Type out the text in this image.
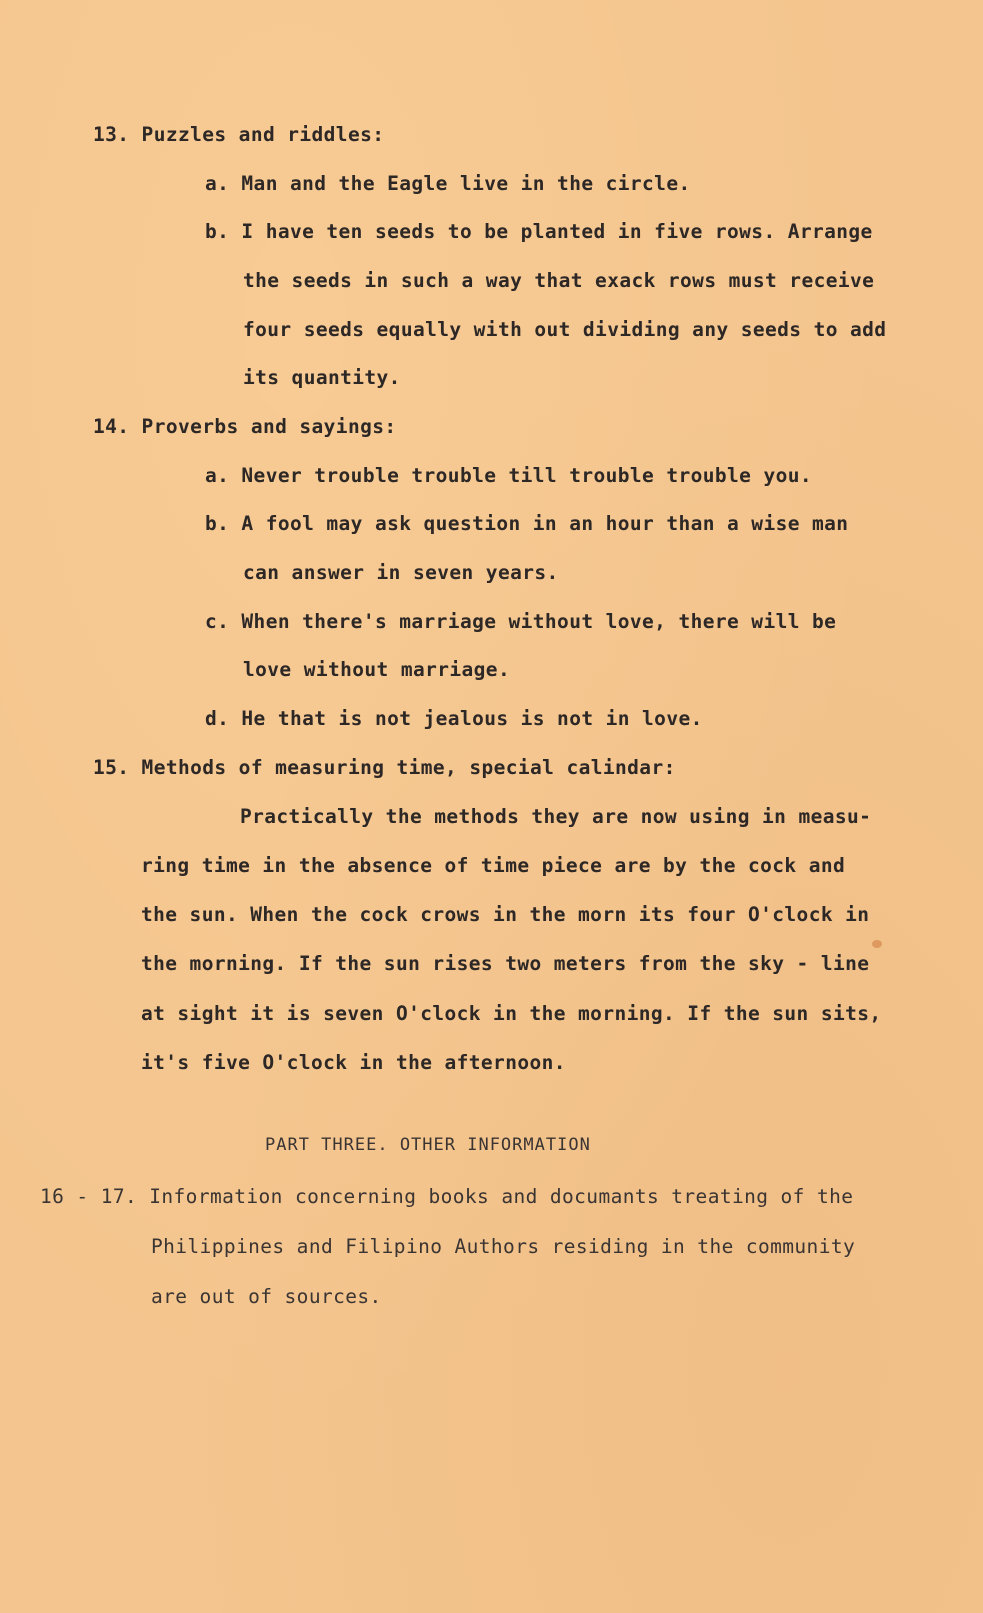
13. Puzzles and riddles:
a. Man and the Eagle live in the circle.
b. I have ten seeds to be planted in five rows. Arrange
the seeds in such a way that exack rows must receive
four seeds equally with out dividing any seeds to add
its quantity.
14. Proverbs and sayings:
a. Never trouble trouble till trouble trouble you.
b. A fool may ask question in an hour than a wise man
can answer in seven years.
c. When there's marriage without love, there will be
love without marriage.
d. He that is not jealous is not in love.
15. Methods of measuring time, special calindar:
Practically the methods they are now using in measu-
ring time in the absence of time piece are by the cock and
the sun. When the cock crows in the morn its four O'clock in
the morning. If the sun rises two meters from the sky - line
at sight it is seven O'clock in the morning. If the sun sits,
it's five O'clock in the afternoon.
PART THREE. OTHER INFORMATION
16 - 17. Information concerning books and documants treating of the
Philippines and Filipino Authors residing in the community
are out of sources.
